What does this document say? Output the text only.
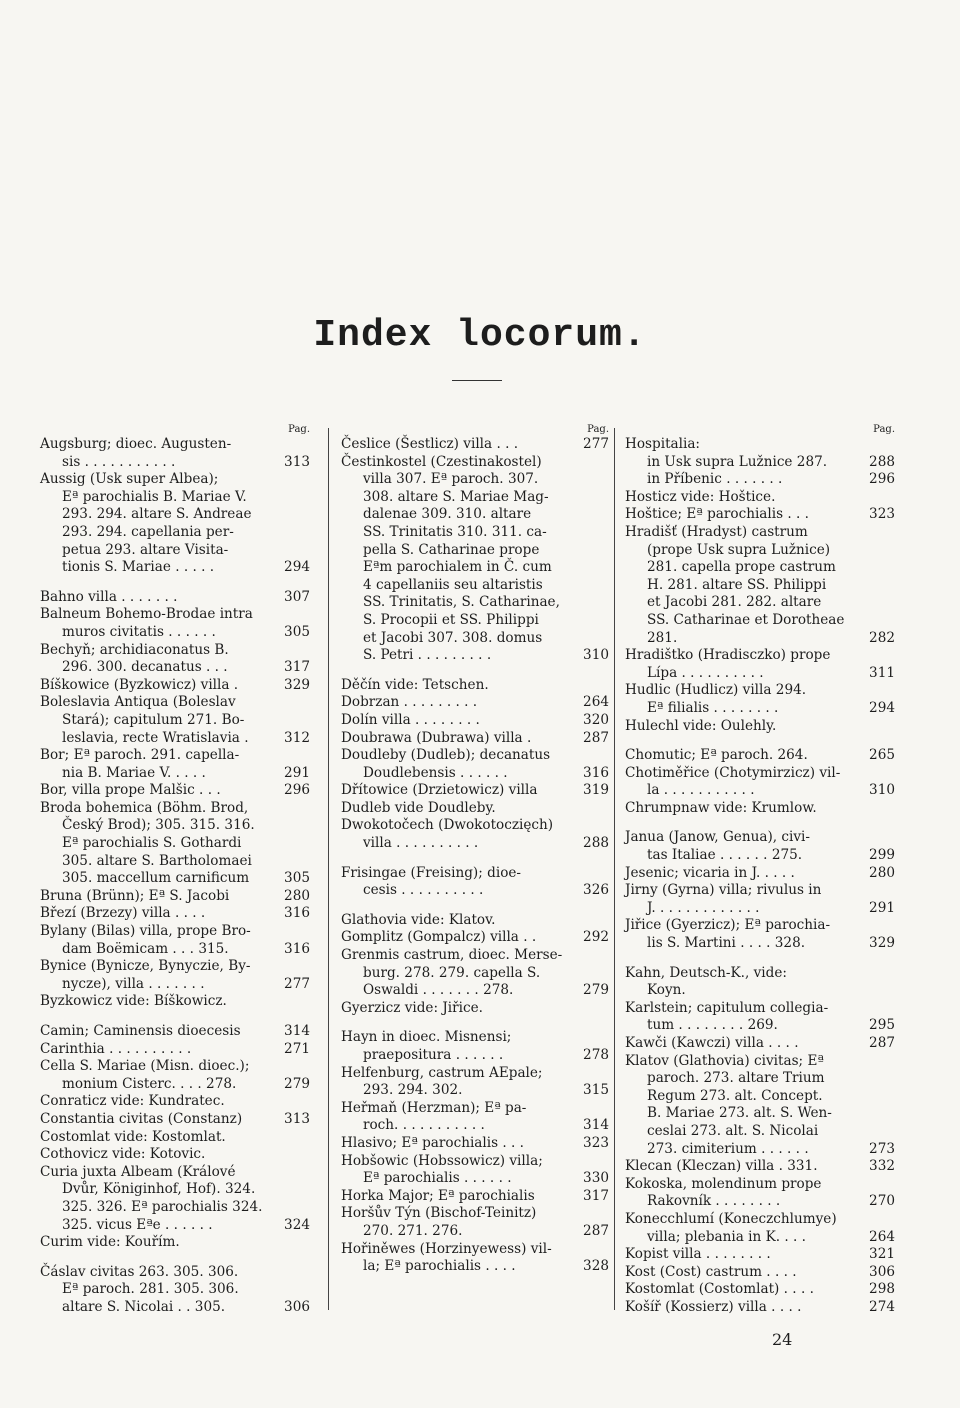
Index locorum.
Pag.
Augsburg; dioec. Augusten-
sis . . . . . . . . . . .	313
Aussig (Usk super Albea);
Eª parochialis B. Mariae V.
293. 294. altare S. Andreae
293. 294. capellania per-
petua 293. altare Visita-
tionis S. Mariae . . . . .	294
Bahno villa . . . . . . .	307
Balneum Bohemo-Brodae intra
muros civitatis . . . . . .	305
Bechyň; archidiaconatus B.
296. 300. decanatus . . .	317
Bíškowice (Byzkowicz) villa .	329
Boleslavia Antiqua (Boleslav
Stará); capitulum 271. Bo-
leslavia, recte Wratislavia .	312
Bor; Eª paroch. 291. capella-
nia B. Mariae V. . . . .	291
Bor, villa prope Malšic . . .	296
Broda bohemica (Böhm. Brod,
Český Brod); 305. 315. 316.
Eª parochialis S. Gothardi
305. altare S. Bartholomaei
305. maccellum carnificum	305
Bruna (Brünn); Eª S. Jacobi	280
Březí (Brzezy) villa . . . .	316
Bylany (Bilas) villa, prope Bro-
dam Boëmicam . . . 315.	316
Bynice (Bynicze, Bynyczie, By-
nycze), villa . . . . . . .	277
Byzkowicz vide: Bíškowicz.
Camin; Caminensis dioecesis	314
Carinthia . . . . . . . . . .	271
Cella S. Mariae (Misn. dioec.);
monium Cisterc. . . . 278.	279
Conraticz vide: Kundratec.
Constantia civitas (Constanz)	313
Costomlat vide: Kostomlat.
Cothovicz vide: Kotovic.
Curia juxta Albeam (Králové
Dvůr, Königinhof, Hof). 324.
325. 326. Eª parochialis 324.
325. vicus Eªe . . . . . .	324
Curim vide: Kouřím.
Čáslav civitas 263. 305. 306.
Eª paroch. 281. 305. 306.
altare S. Nicolai . . 305.	306
Pag.
Česlice (Šestlicz) villa . . .	277
Čestinkostel (Czestinakostel)
villa 307. Eª paroch. 307.
308. altare S. Mariae Mag-
dalenae 309. 310. altare
SS. Trinitatis 310. 311. ca-
pella S. Catharinae prope
Eªm parochialem in Č. cum
4 capellaniis seu altaristis
SS. Trinitatis, S. Catharinae,
S. Procopii et SS. Philippi
et Jacobi 307. 308. domus
S. Petri . . . . . . . . .	310
Děčín vide: Tetschen.
Dobrzan . . . . . . . . .	264
Dolín villa . . . . . . . .	320
Doubrawa (Dubrawa) villa .	287
Doudleby (Dudleb); decanatus
Doudlebensis . . . . . .	316
Dřítowice (Drzietowicz) villa	319
Dudleb vide Doudleby.
Dwokotočech (Dwokotoczięch)
villa . . . . . . . . . .	288
Frisingae (Freising); dioe-
cesis . . . . . . . . . .	326
Glathovia vide: Klatov.
Gomplitz (Gompalcz) villa . .	292
Grenmis castrum, dioec. Merse-
burg. 278. 279. capella S.
Oswaldi . . . . . . . 278.	279
Gyerzicz vide: Jiřice.
Hayn in dioec. Misnensi;
praepositura . . . . . .	278
Helfenburg, castrum AEpale;
293. 294. 302.	315
Heřmaň (Herzman); Eª pa-
roch. . . . . . . . . . .	314
Hlasivo; Eª parochialis . . .	323
Hobšowic (Hobssowicz) villa;
Eª parochialis . . . . . .	330
Horka Major; Eª parochialis	317
Horšův Týn (Bischof-Teinitz)
270. 271. 276.	287
Hořiněwes (Horzinyewess) vil-
la; Eª parochialis . . . .	328
Pag.
Hospitalia:
in Usk supra Lužnice 287.	288
in Příbenic . . . . . . .	296
Hosticz vide: Hoštice.
Hoštice; Eª parochialis . . .	323
Hradišť (Hradyst) castrum
(prope Usk supra Lužnice)
281. capella prope castrum
H. 281. altare SS. Philippi
et Jacobi 281. 282. altare
SS. Catharinae et Dorotheae
281.	282
Hradištko (Hradisczko) prope
Lípa . . . . . . . . . .	311
Hudlic (Hudlicz) villa 294.
Eª filialis . . . . . . . .	294
Hulechl vide: Oulehly.
Chomutic; Eª paroch. 264.	265
Chotiměřice (Chotymirzicz) vil-
la . . . . . . . . . . .	310
Chrumpnaw vide: Krumlow.
Janua (Janow, Genua), civi-
tas Italiae . . . . . . 275.	299
Jesenic; vicaria in J. . . . .	280
Jirny (Gyrna) villa; rivulus in
J. . . . . . . . . . . . .	291
Jiřice (Gyerzicz); Eª parochia-
lis S. Martini . . . . 328.	329
Kahn, Deutsch-K., vide:
Koyn.
Karlstein; capitulum collegia-
tum . . . . . . . . 269.	295
Kawči (Kawczi) villa . . . .	287
Klatov (Glathovia) civitas; Eª
paroch. 273. altare Trium
Regum 273. alt. Concept.
B. Mariae 273. alt. S. Wen-
ceslai 273. alt. S. Nicolai
273. cimiterium . . . . . .	273
Klecan (Kleczan) villa . 331.	332
Kokoska, molendinum prope
Rakovník . . . . . . . .	270
Konecchlumí (Koneczchlumye)
villa; plebania in K. . . .	264
Kopist villa . . . . . . . .	321
Kost (Cost) castrum . . . .	306
Kostomlat (Costomlat) . . . .	298
Košíř (Kossierz) villa . . . .	274
24
